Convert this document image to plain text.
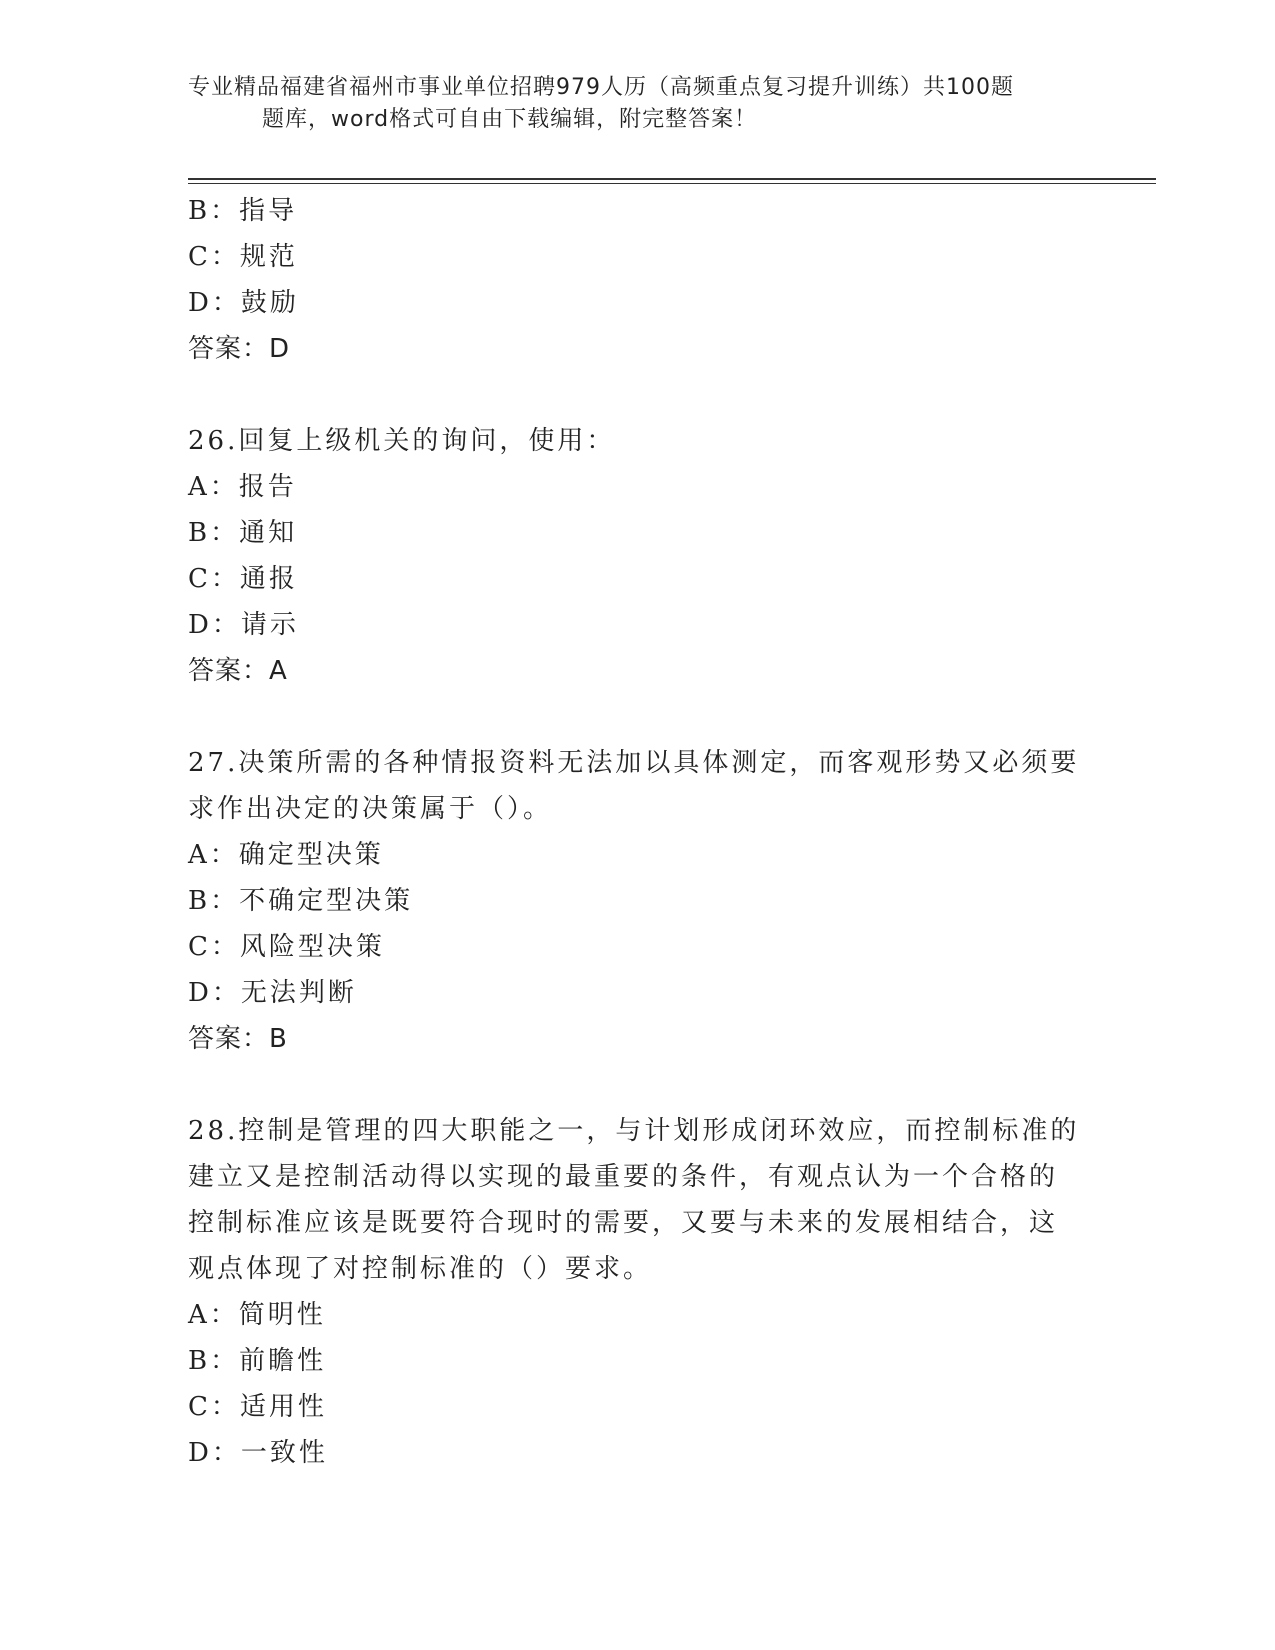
专业精品福建省福州市事业单位招聘979人历（高频重点复习提升训练）共100题
题库，word格式可自由下载编辑，附完整答案！
B：指导
C：规范
D：鼓励
答案：D
26.回复上级机关的询问，使用：
A：报告
B：通知
C：通报
D：请示
答案：A
27.决策所需的各种情报资料无法加以具体测定，而客观形势又必须要
求作出决定的决策属于（）。
A：确定型决策
B：不确定型决策
C：风险型决策
D：无法判断
答案：B
28.控制是管理的四大职能之一，与计划形成闭环效应，而控制标准的
建立又是控制活动得以实现的最重要的条件，有观点认为一个合格的
控制标准应该是既要符合现时的需要，又要与未来的发展相结合，这
观点体现了对控制标准的（）要求。
A：简明性
B：前瞻性
C：适用性
D：一致性
